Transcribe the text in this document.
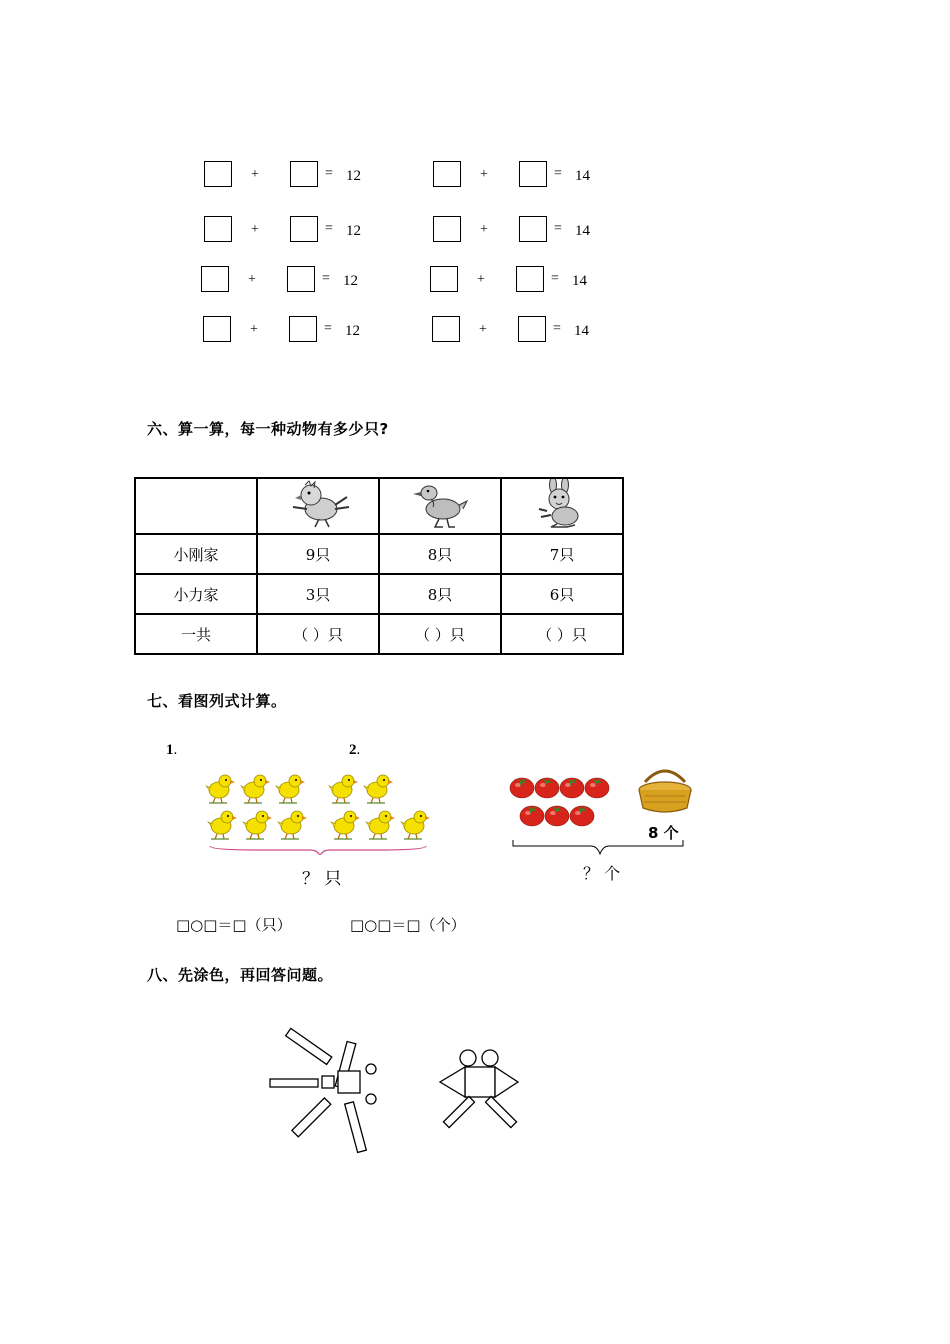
+	= 12	+	= 14
+	= 12	+	= 14
+	= 12	+	= 14
+	= 12	+	= 14
六、算一算，每一种动物有多少只?

小刚家	9只	8只	7只
小力家	3只	8只	6只
一共	（ ）只	（ ）只	（ ）只
七、看图列式计算。
1.	2.
？ 只
8 个
？ 个
□○□＝□（只）	□○□＝□（个）
八、先涂色，再回答问题。
